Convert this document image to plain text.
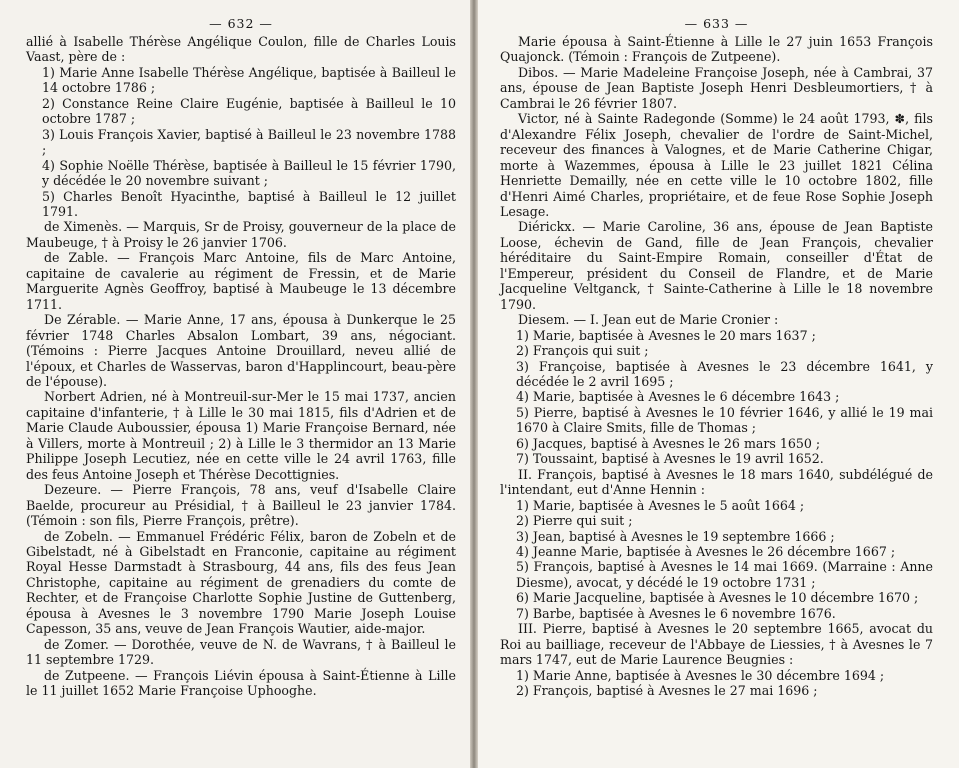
— 632 —

allié à Isabelle Thérèse Angélique Coulon, fille de Charles Louis Vaast, père de :

1) Marie Anne Isabelle Thérèse Angélique, baptisée à Bailleul le 14 octobre 1786 ;

2) Constance Reine Claire Eugénie, baptisée à Bailleul le 10 octobre 1787 ;

3) Louis François Xavier, baptisé à Bailleul le 23 novembre 1788 ;

4) Sophie Noëlle Thérèse, baptisée à Bailleul le 15 février 1790, y décédée le 20 novembre suivant ;

5) Charles Benoît Hyacinthe, baptisé à Bailleul le 12 juillet 1791.

de Ximenès. — Marquis, Sr de Proisy, gouverneur de la place de Maubeuge, † à Proisy le 26 janvier 1706.

de Zable. — François Marc Antoine, fils de Marc Antoine, capitaine de cavalerie au régiment de Fressin, et de Marie Marguerite Agnès Geoffroy, baptisé à Maubeuge le 13 décembre 1711.

De Zérable. — Marie Anne, 17 ans, épousa à Dunkerque le 25 février 1748 Charles Absalon Lombart, 39 ans, négociant. (Témoins : Pierre Jacques Antoine Drouillard, neveu allié de l'époux, et Charles de Wasservas, baron d'Happlincourt, beau-père de l'épouse).

Norbert Adrien, né à Montreuil-sur-Mer le 15 mai 1737, ancien capitaine d'infanterie, † à Lille le 30 mai 1815, fils d'Adrien et de Marie Claude Auboussier, épousa 1) Marie Françoise Bernard, née à Villers, morte à Montreuil ; 2) à Lille le 3 thermidor an 13 Marie Philippe Joseph Lecutiez, née en cette ville le 24 avril 1763, fille des feus Antoine Joseph et Thérèse Decottignies.

Dezeure. — Pierre François, 78 ans, veuf d'Isabelle Claire Baelde, procureur au Présidial, † à Bailleul le 23 janvier 1784. (Témoin : son fils, Pierre François, prêtre).

de Zobeln. — Emmanuel Frédéric Félix, baron de Zobeln et de Gibelstadt, né à Gibelstadt en Franconie, capitaine au régiment Royal Hesse Darmstadt à Strasbourg, 44 ans, fils des feus Jean Christophe, capitaine au régiment de grenadiers du comte de Rechter, et de Françoise Charlotte Sophie Justine de Guttenberg, épousa à Avesnes le 3 novembre 1790 Marie Joseph Louise Capesson, 35 ans, veuve de Jean François Wautier, aide-major.

de Zomer. — Dorothée, veuve de N. de Wavrans, † à Bailleul le 11 septembre 1729.

de Zutpeene. — François Liévin épousa à Saint-Étienne à Lille le 11 juillet 1652 Marie Françoise Uphooghe.

— 633 —

Marie épousa à Saint-Étienne à Lille le 27 juin 1653 François Quajonck. (Témoin : François de Zutpeene).

Dibos. — Marie Madeleine Françoise Joseph, née à Cambrai, 37 ans, épouse de Jean Baptiste Joseph Henri Desbleumortiers, † à Cambrai le 26 février 1807.

Victor, né à Sainte Radegonde (Somme) le 24 août 1793, ✽, fils d'Alexandre Félix Joseph, chevalier de l'ordre de Saint-Michel, receveur des finances à Valognes, et de Marie Catherine Chigar, morte à Wazemmes, épousa à Lille le 23 juillet 1821 Célina Henriette Demailly, née en cette ville le 10 octobre 1802, fille d'Henri Aimé Charles, propriétaire, et de feue Rose Sophie Joseph Lesage.

Diérickx. — Marie Caroline, 36 ans, épouse de Jean Baptiste Loose, échevin de Gand, fille de Jean François, chevalier héréditaire du Saint-Empire Romain, conseiller d'État de l'Empereur, président du Conseil de Flandre, et de Marie Jacqueline Veltganck, † Sainte-Catherine à Lille le 18 novembre 1790.

Diesem. — I. Jean eut de Marie Cronier :

1) Marie, baptisée à Avesnes le 20 mars 1637 ;

2) François qui suit ;

3) Françoise, baptisée à Avesnes le 23 décembre 1641, y décédée le 2 avril 1695 ;

4) Marie, baptisée à Avesnes le 6 décembre 1643 ;

5) Pierre, baptisé à Avesnes le 10 février 1646, y allié le 19 mai 1670 à Claire Smits, fille de Thomas ;

6) Jacques, baptisé à Avesnes le 26 mars 1650 ;

7) Toussaint, baptisé à Avesnes le 19 avril 1652.

II. François, baptisé à Avesnes le 18 mars 1640, subdélégué de l'intendant, eut d'Anne Hennin :

1) Marie, baptisée à Avesnes le 5 août 1664 ;

2) Pierre qui suit ;

3) Jean, baptisé à Avesnes le 19 septembre 1666 ;

4) Jeanne Marie, baptisée à Avesnes le 26 décembre 1667 ;

5) François, baptisé à Avesnes le 14 mai 1669. (Marraine : Anne Diesme), avocat, y décédé le 19 octobre 1731 ;

6) Marie Jacqueline, baptisée à Avesnes le 10 décembre 1670 ;

7) Barbe, baptisée à Avesnes le 6 novembre 1676.

III. Pierre, baptisé à Avesnes le 20 septembre 1665, avocat du Roi au bailliage, receveur de l'Abbaye de Liessies, † à Avesnes le 7 mars 1747, eut de Marie Laurence Beugnies :

1) Marie Anne, baptisée à Avesnes le 30 décembre 1694 ;

2) François, baptisé à Avesnes le 27 mai 1696 ;
